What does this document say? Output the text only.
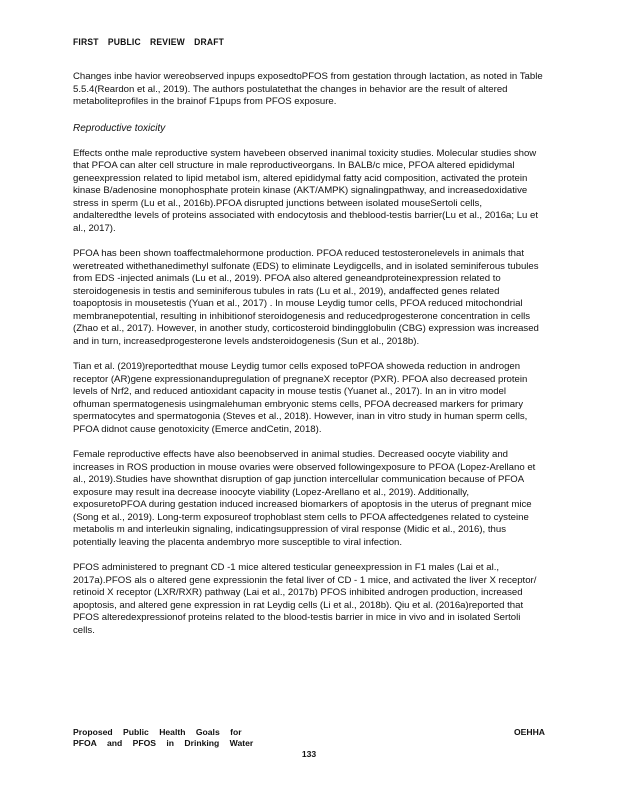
FIRST PUBLIC REVIEW DRAFT

Changes inbe havior wereobserved inpups exposedtoPFOS from gestation through lactation, as noted in Table 5.5.4(Reardon et al., 2019). The authors postulatethat the changes in behavior are the result of altered metaboliteprofiles in the brainof F1pups from PFOS exposure.

Reproductive toxicity

Effects onthe male reproductive system havebeen observed inanimal toxicity studies. Molecular studies show that PFOA can alter cell structure in male reproductiveorgans. In BALB/c mice, PFOA altered epididymal geneexpression related to lipid metabol ism, altered epididymal fatty acid composition, activated the protein kinase B/adenosine monophosphate protein kinase (AKT/AMPK) signalingpathway, and increasedoxidative stress in sperm (Lu et al., 2016b).PFOA disrupted junctions between isolated mouseSertoli cells, andalteredthe levels of proteins associated with endocytosis and theblood-testis barrier(Lu et al., 2016a; Lu et al., 2017).

PFOA has been shown toaffectmalehormone production. PFOA reduced testosteronelevels in animals that weretreated withethanedimethyl sulfonate (EDS) to eliminate Leydigcells, and in isolated seminiferous tubules from EDS -injected animals (Lu et al., 2019). PFOA also altered geneandproteinexpression related to steroidogenesis in testis and seminiferous tubules in rats (Lu et al., 2019), andaffected genes related toapoptosis in mousetestis (Yuan et al., 2017) . In mouse Leydig tumor cells, PFOA reduced mitochondrial membranepotential, resulting in inhibitionof steroidogenesis and reducedprogesterone concentration in cells (Zhao et al., 2017). However, in another study, corticosteroid bindingglobulin (CBG) expression was increased and in turn, increasedprogesterone levels andsteroidogenesis (Sun et al., 2018b).

Tian et al. (2019)reportedthat mouse Leydig tumor cells exposed toPFOA showeda reduction in androgen receptor (AR)gene expressionandupregulation of pregnaneX receptor (PXR). PFOA also decreased protein levels of Nrf2, and reduced antioxidant capacity in mouse testis (Yuanet al., 2017). In an in vitro model ofhuman spermatogenesis usingmalehuman embryonic stems cells, PFOA decreased markers for primary spermatocytes and spermatogonia (Steves et al., 2018). However, inan in vitro study in human sperm cells, PFOA didnot cause genotoxicity (Emerce andCetin, 2018).

Female reproductive effects have also beenobserved in animal studies. Decreased oocyte viability and increases in ROS production in mouse ovaries were observed followingexposure to PFOA (Lopez-Arellano et al., 2019).Studies have shownthat disruption of gap junction intercellular communication because of PFOA exposure may result ina decrease inoocyte viability (Lopez-Arellano et al., 2019). Additionally, exposuretoPFOA during gestation induced increased biomarkers of apoptosis in the uterus of pregnant mice (Song et al., 2019). Long-term exposureof trophoblast stem cells to PFOA affectedgenes related to cysteine metabolis m and interleukin signaling, indicatingsuppression of viral response (Midic et al., 2016), thus potentially leaving the placenta andembryo more susceptible to viral infection.

PFOS administered to pregnant CD -1 mice altered testicular geneexpression in F1 males (Lai et al., 2017a).PFOS als o altered gene expressionin the fetal liver of CD - 1 mice, and activated the liver X receptor/ retinoid X receptor (LXR/RXR) pathway (Lai et al., 2017b) PFOS inhibited androgen production, increased apoptosis, and altered gene expression in rat Leydig cells (Li et al., 2018b). Qiu et al. (2016a)reported that PFOS alteredexpressionof proteins related to the blood-testis barrier in mice in vivo and in isolated Sertoli cells.

Proposed Public Health Goals for
PFOA and PFOS in Drinking Water
OEHHA
133
